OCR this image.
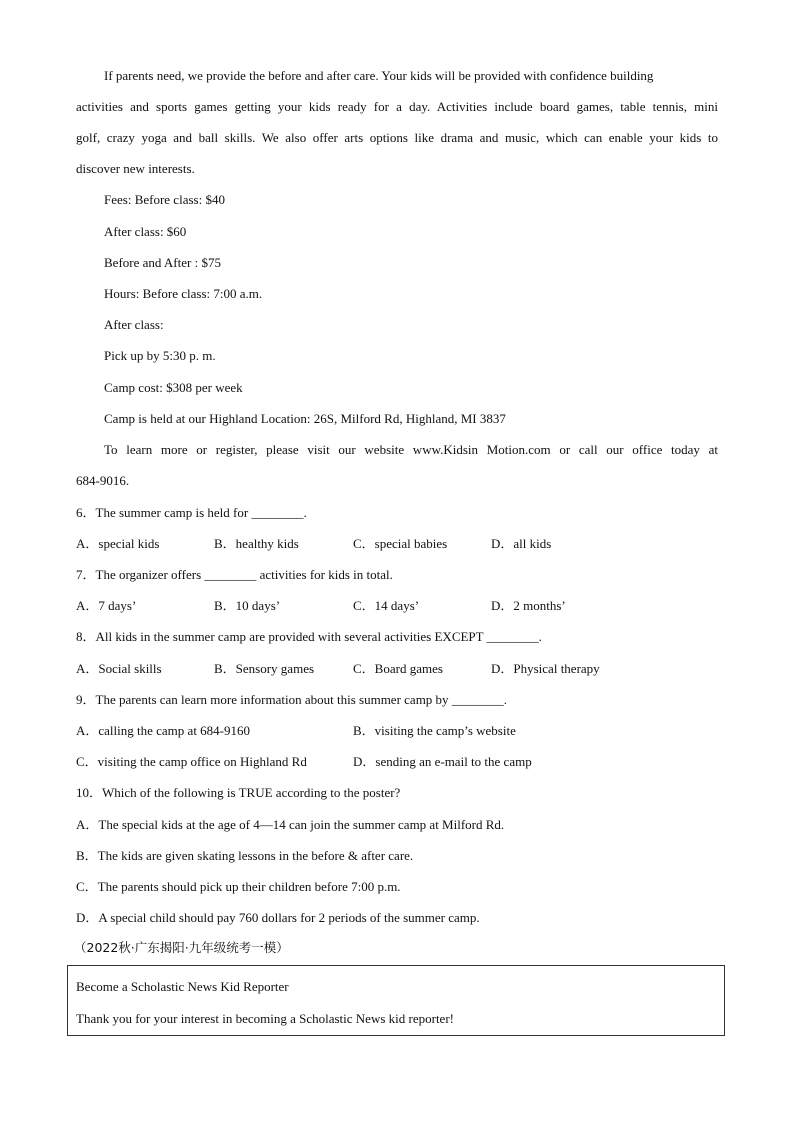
If parents need, we provide the before and after care. Your kids will be provided with confidence building
activities and sports games getting your kids ready for a day. Activities include board games, table tennis, mini
golf, crazy yoga and ball skills. We also offer arts options like drama and music, which can enable your kids to
discover new interests.
Fees: Before class: $40
After class: $60
Before and After : $75
Hours: Before class: 7:00 a.m.
After class:
Pick up by 5:30 p. m.
Camp cost: $308 per week
Camp is held at our Highland Location: 26S, Milford Rd, Highland, MI 3837
To learn more or register, please visit our website www.Kidsin Motion.com or call our office today at
684-9016.
6．The summer camp is held for ________.
A．special kids	B．healthy kids	C．special babies	D．all kids
7．The organizer offers ________ activities for kids in total.
A．7 days’	B．10 days’	C．14 days’	D．2 months’
8．All kids in the summer camp are provided with several activities EXCEPT ________.
A．Social skills	B．Sensory games	C．Board games	D．Physical therapy
9．The parents can learn more information about this summer camp by ________.
A．calling the camp at 684-9160	B．visiting the camp’s website
C．visiting the camp office on Highland Rd	D．sending an e-mail to the camp
10．Which of the following is TRUE according to the poster?
A．The special kids at the age of 4—14 can join the summer camp at Milford Rd.
B．The kids are given skating lessons in the before & after care.
C．The parents should pick up their children before 7:00 p.m.
D．A special child should pay 760 dollars for 2 periods of the summer camp.
（2022秋·广东揭阳·九年级统考一模）
Become a Scholastic News Kid Reporter
Thank you for your interest in becoming a Scholastic News kid reporter!
